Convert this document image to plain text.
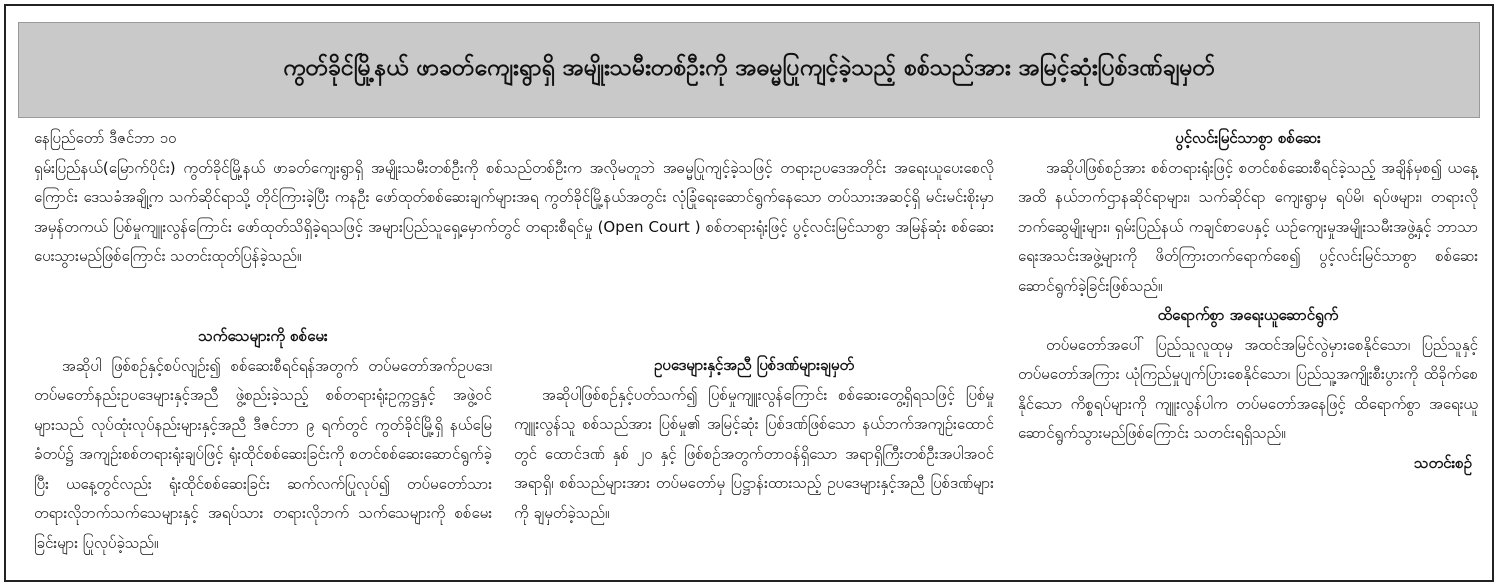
ကွတ်ခိုင်မြို့နယ် ဖာခတ်ကျေးရွာရှိ အမျိုးသမီးတစ်ဦးကို အဓမ္မပြုကျင့်ခဲ့သည့် စစ်သည်အား အမြင့်ဆုံးပြစ်ဒဏ်ချမှတ်

နေပြည်တော် ဒီဇင်ဘာ ၁၀

ရှမ်းပြည်နယ်(မြောက်ပိုင်း) ကွတ်ခိုင်မြို့နယ် ဖာခတ်ကျေးရွာရှိ အမျိုးသမီးတစ်ဦးကို စစ်သည်တစ်ဦးက အလိုမတူဘဲ အဓမ္မပြုကျင့်ခဲ့သဖြင့် တရားဥပဒေအတိုင်း အရေးယူပေးစေလိုကြောင်း ဒေသခံအချို့က သက်ဆိုင်ရာသို့ တိုင်ကြားခဲ့ပြီး ကနဦး ဖော်ထုတ်စစ်ဆေးချက်များအရ ကွတ်ခိုင်မြို့နယ်အတွင်း လုံခြုံရေးဆောင်ရွက်နေသော တပ်သားအဆင့်ရှိ မင်းမင်းစိုးမှာ အမှန်တကယ် ပြစ်မှုကျူးလွန်ကြောင်း ဖော်ထုတ်သိရှိခဲ့ရသဖြင့် အများပြည်သူရှေ့မှောက်တွင် တရားစီရင်မှု (Open Court ) စစ်တရားရုံးဖြင့် ပွင့်လင်းမြင်သာစွာ အမြန်ဆုံး စစ်ဆေးပေးသွားမည်ဖြစ်ကြောင်း သတင်းထုတ်ပြန်ခဲ့သည်။

သက်သေများကို စစ်မေး

အဆိုပါ ဖြစ်စဉ်နှင့်စပ်လျဉ်း၍ စစ်ဆေးစီရင်ရန်အတွက် တပ်မတော်အက်ဥပဒေ၊ တပ်မတော်နည်းဥပဒေများနှင့်အညီ ဖွဲ့စည်းခဲ့သည့် စစ်တရားရုံးဥက္ကဋ္ဌနှင့် အဖွဲ့ဝင်များသည် လုပ်ထုံးလုပ်နည်းများနှင့်အညီ ဒီဇင်ဘာ ၉ ရက်တွင် ကွတ်ခိုင်မြို့ရှိ နယ်မြေခံတပ်၌ အကျဉ်းစစ်တရားရုံးချပ်ဖြင့် ရုံးထိုင်စစ်ဆေးခြင်းကို စတင်စစ်ဆေးဆောင်ရွက်ခဲ့ပြီး ယနေ့တွင်လည်း ရုံးထိုင်စစ်ဆေးခြင်း ဆက်လက်ပြုလုပ်၍ တပ်မတော်သား တရားလိုဘက်သက်သေများနှင့် အရပ်သား တရားလိုဘက် သက်သေများကို စစ်မေးခြင်းများ ပြုလုပ်ခဲ့သည်။

ဥပဒေများနှင့်အညီ ပြစ်ဒဏ်များချမှတ်

အဆိုပါဖြစ်စဉ်နှင့်ပတ်သက်၍ ပြစ်မှုကျူးလွန်ကြောင်း စစ်ဆေးတွေ့ရှိရသဖြင့် ပြစ်မှုကျူးလွန်သူ စစ်သည်အား ပြစ်မှု၏ အမြင့်ဆုံး ပြစ်ဒဏ်ဖြစ်သော နယ်ဘက်အကျဉ်းထောင်တွင် ထောင်ဒဏ် နှစ် ၂၀ နှင့် ဖြစ်စဉ်အတွက်တာဝန်ရှိသော အရာရှိကြီးတစ်ဦးအပါအဝင် အရာရှိ၊ စစ်သည်များအား တပ်မတော်မှ ပြဋ္ဌာန်းထားသည့် ဥပဒေများနှင့်အညီ ပြစ်ဒဏ်များကို ချမှတ်ခဲ့သည်။

ပွင့်လင်းမြင်သာစွာ စစ်ဆေး

အဆိုပါဖြစ်စဉ်အား စစ်တရားရုံးဖြင့် စတင်စစ်ဆေးစီရင်ခဲ့သည့် အချိန်မှစ၍ ယနေ့အထိ နယ်ဘက်ဌာနဆိုင်ရာများ၊ သက်ဆိုင်ရာ ကျေးရွာမှ ရပ်မိ၊ ရပ်ဖများ၊ တရားလိုဘက်ဆွေမျိုးများ၊ ရှမ်းပြည်နယ် ကချင်စာပေနှင့် ယဉ်ကျေးမှုအမျိုးသမီးအဖွဲ့နှင့် ဘာသာရေးအသင်းအဖွဲ့များကို ဖိတ်ကြားတက်ရောက်စေ၍ ပွင့်လင်းမြင်သာစွာ စစ်ဆေးဆောင်ရွက်ခဲ့ခြင်းဖြစ်သည်။

ထိရောက်စွာ အရေးယူဆောင်ရွက်

တပ်မတော်အပေါ် ပြည်သူလူထုမှ အထင်အမြင်လွဲမှားစေနိုင်သော၊ ပြည်သူနှင့်တပ်မတော်အကြား ယုံကြည်မှုပျက်ပြားစေနိုင်သော၊ ပြည်သူ့အကျိုးစီးပွားကို ထိခိုက်စေနိုင်သော ကိစ္စရပ်များကို ကျူးလွန်ပါက တပ်မတော်အနေဖြင့် ထိရောက်စွာ အရေးယူဆောင်ရွက်သွားမည်ဖြစ်ကြောင်း သတင်းရရှိသည်။

သတင်းစဉ်
